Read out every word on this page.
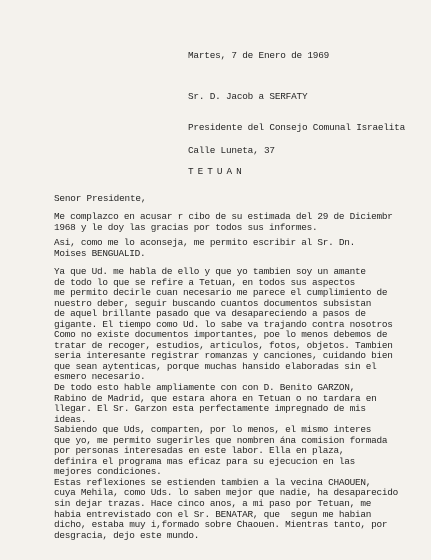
Martes, 7 de Enero de 1969
Sr. D. Jacob a SERFATY
Presidente del Consejo Comunal Israelita
Calle Luneta, 37
TETUAN
Senor Presidente,
Me complazco en acusar r cibo de su estimada del 29 de Diciembr
1968 y le doy las gracias por todos sus informes.
Asi, como me lo aconseja, me permito escribir al Sr. Dn.
Moises BENGUALID.
Ya que Ud. me habla de ello y que yo tambien soy un amante
de todo lo que se refire a Tetuan, en todos sus aspectos
me permito decirle cuan necesario me parece el cumplimiento de
nuestro deber, seguir buscando cuantos documentos subsistan
de aquel brillante pasado que va desapareciendo a pasos de
gigante. El tiempo como Ud. lo sabe va trajando contra nosotros
Como no existe documentos importantes, poe lo menos debemos de
tratar de recoger, estudios, articulos, fotos, objetos. Tambien
seria interesante registrar romanzas y canciones, cuidando bien
que sean aytenticas, porque muchas hansido elaboradas sin el
esmero necesario.
De todo esto hable ampliamente con con D. Benito GARZON,
Rabino de Madrid, que estara ahora en Tetuan o no tardara en
llegar. El Sr. Garzon esta perfectamente impregnado de mis
ideas.
Sabiendo que Uds, comparten, por lo menos, el mismo interes
que yo, me permito sugerirles que nombren ána comision formada
por personas interesadas en este labor. Ella en plaza,
definira el programa mas eficaz para su ejecucion en las
mejores condiciones.
Estas reflexiones se estienden tambien a la vecina CHAOUEN,
cuya Mehila, como Uds. lo saben mejor que nadie, ha desaparecido
sin dejar trazas. Hace cinco anos, a mi paso por Tetuan, me
habia entrevistado con el Sr. BENATAR, que  segun me habian
dicho, estaba muy i,formado sobre Chaouen. Mientras tanto, por
desgracia, dejo este mundo.
